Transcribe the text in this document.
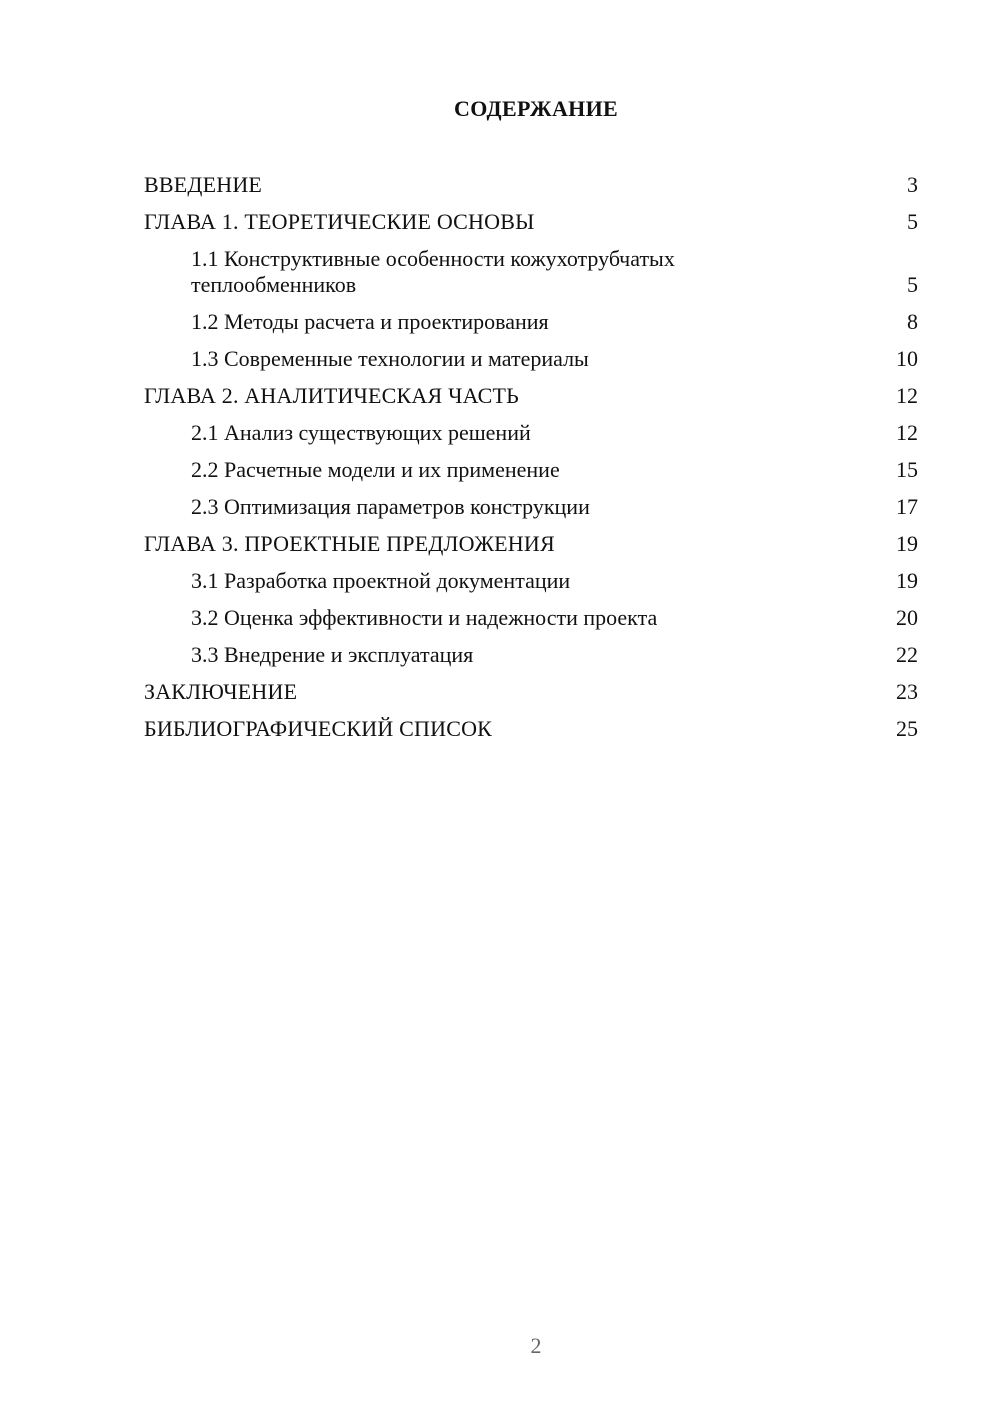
СОДЕРЖАНИЕ
ВВЕДЕНИЕ	3
ГЛАВА 1. ТЕОРЕТИЧЕСКИЕ ОСНОВЫ	5
1.1 Конструктивные особенности кожухотрубчатых теплообменников	5
1.2 Методы расчета и проектирования	8
1.3 Современные технологии и материалы	10
ГЛАВА 2. АНАЛИТИЧЕСКАЯ ЧАСТЬ	12
2.1 Анализ существующих решений	12
2.2 Расчетные модели и их применение	15
2.3 Оптимизация параметров конструкции	17
ГЛАВА 3. ПРОЕКТНЫЕ ПРЕДЛОЖЕНИЯ	19
3.1 Разработка проектной документации	19
3.2 Оценка эффективности и надежности проекта	20
3.3 Внедрение и эксплуатация	22
ЗАКЛЮЧЕНИЕ	23
БИБЛИОГРАФИЧЕСКИЙ СПИСОК	25
2
